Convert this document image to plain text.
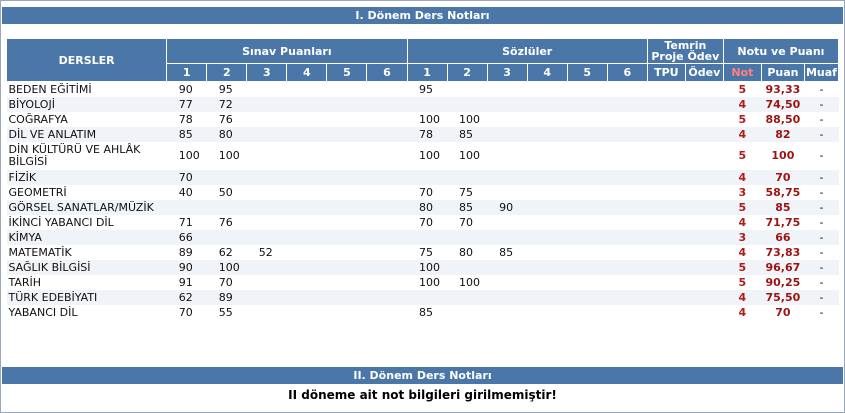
I. Dönem Ders Notları
DERSLER	Sınav Puanları						Sözlüler						Temrin Proje Ödev		Notu ve Puanı		
	1	2	3	4	5	6	1	2	3	4	5	6	TPU	Ödev	Not	Puan	Muaf
BEDEN EĞİTİMİ	90	95					95								5	93,33	-
BİYOLOJİ	77	72													4	74,50	-
COĞRAFYA	78	76					100	100							5	88,50	-
DİL VE ANLATIM	85	80					78	85							4	82	-
DİN KÜLTÜRÜ VE AHLÂK BİLGİSİ	100	100					100	100							5	100	-
FİZİK	70														4	70	-
GEOMETRİ	40	50					70	75							3	58,75	-
GÖRSEL SANATLAR/MÜZİK							80	85	90						5	85	-
İKİNCİ YABANCI DİL	71	76					70	70							4	71,75	-
KİMYA	66														3	66	-
MATEMATİK	89	62	52				75	80	85						4	73,83	-
SAĞLIK BİLGİSİ	90	100					100								5	96,67	-
TARİH	91	70					100	100							5	90,25	-
TÜRK EDEBİYATI	62	89													4	75,50	-
YABANCI DİL	70	55					85								4	70	-
II. Dönem Ders Notları
II döneme ait not bilgileri girilmemiştir!
